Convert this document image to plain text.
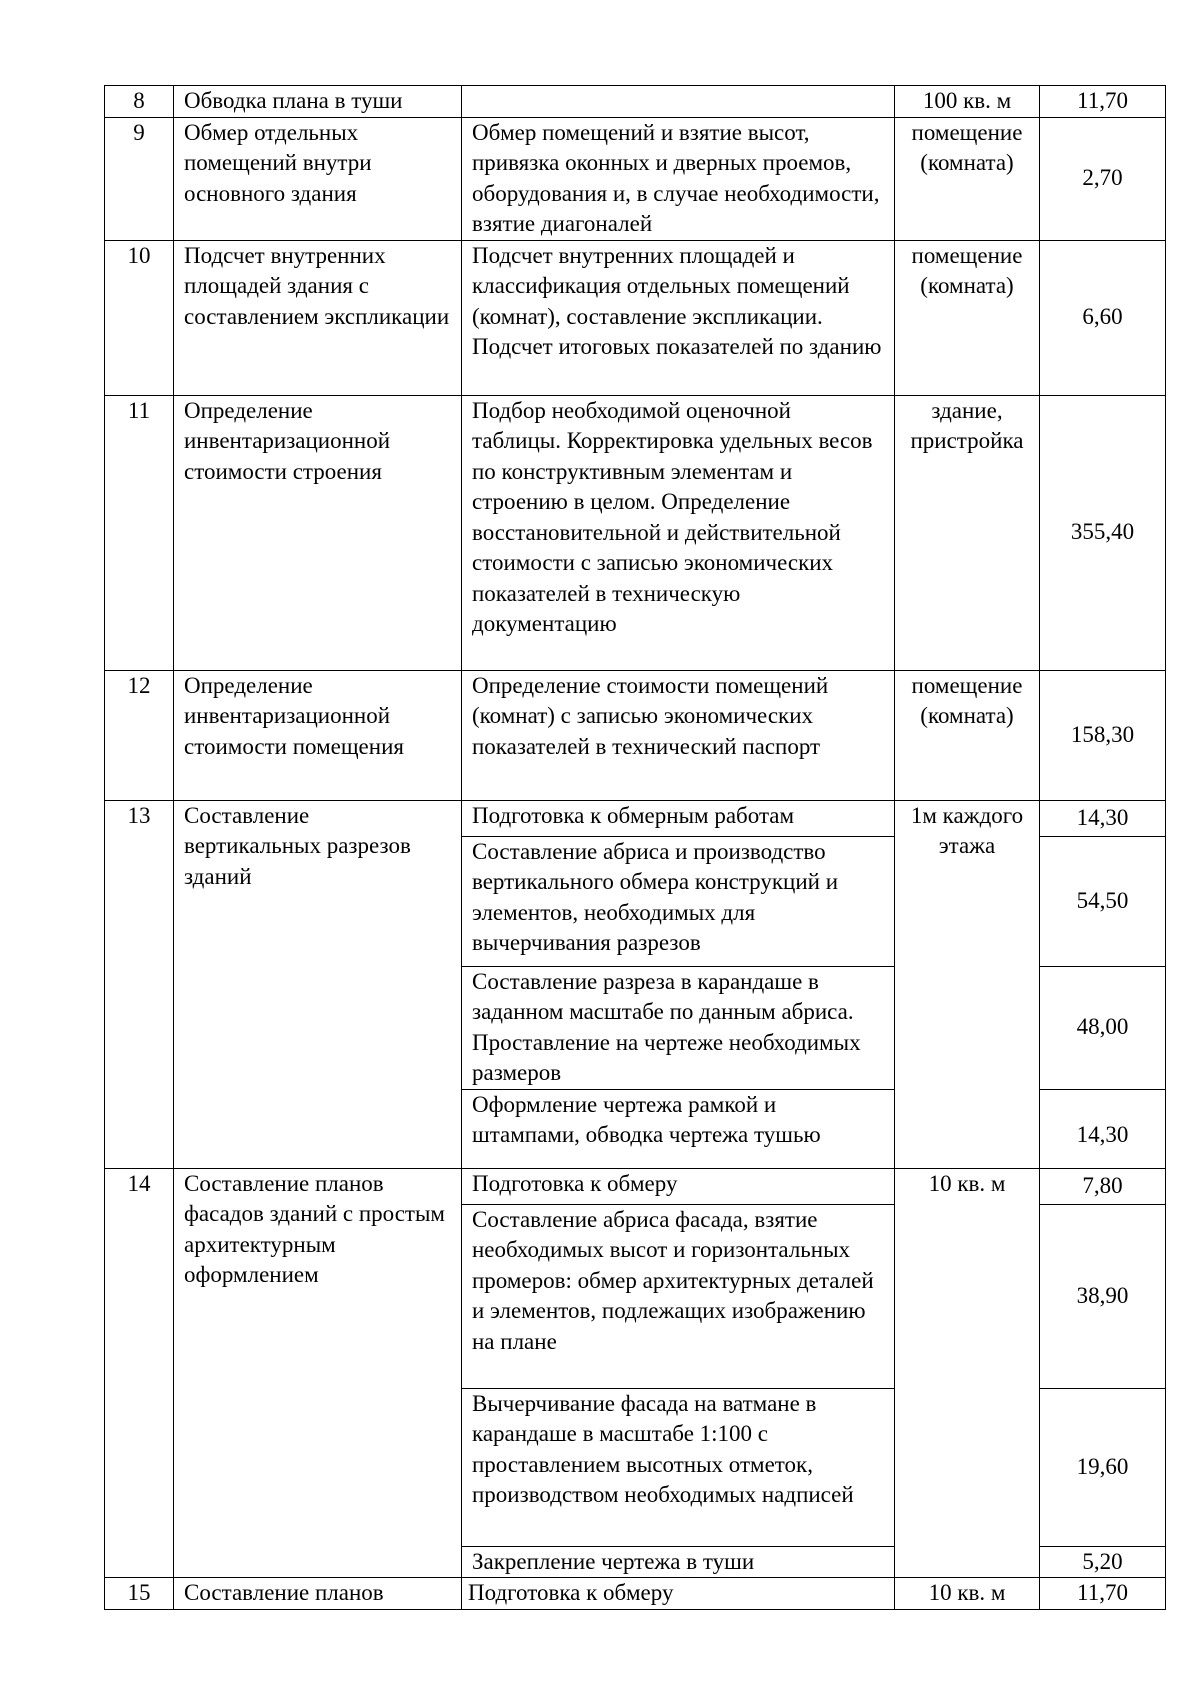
8	Обводка плана в туши		100 кв. м	11,70
9	Обмер отдельных помещений внутри основного здания	Обмер помещений и взятие высот, привязка оконных и дверных проемов, оборудования и, в случае необходимости, взятие диагоналей	помещение (комната)	2,70
10	Подсчет внутренних площадей здания с составлением экспликации	Подсчет внутренних площадей и классификация отдельных помещений (комнат), составление экспликации. Подсчет итоговых показателей по зданию	помещение (комната)	6,60
11	Определение инвентаризационной стоимости строения	Подбор необходимой оценочной таблицы. Корректировка удельных весов по конструктивным элементам и строению в целом. Определение восстановительной и действительной стоимости с записью экономических показателей в техническую документацию	здание, пристройка	355,40
12	Определение инвентаризационной стоимости помещения	Определение стоимости помещений (комнат) с записью экономических показателей в технический паспорт	помещение (комната)	158,30
13	Составление вертикальных разрезов зданий	Подготовка к обмерным работам	1м каждого этажа	14,30
		Составление абриса и производство вертикального обмера конструкций и элементов, необходимых для вычерчивания разрезов		54,50
		Составление разреза в карандаше в заданном масштабе по данным абриса. Проставление на чертеже необходимых размеров		48,00
		Оформление чертежа рамкой и штампами, обводка чертежа тушью		14,30
14	Составление планов фасадов зданий с простым архитектурным оформлением	Подготовка к обмеру	10 кв. м	7,80
		Составление абриса фасада, взятие необходимых высот и горизонтальных промеров: обмер архитектурных деталей и элементов, подлежащих изображению на плане		38,90
		Вычерчивание фасада на ватмане в карандаше в масштабе 1:100 с проставлением высотных отметок, производством необходимых надписей		19,60
		Закрепление чертежа в туши		5,20
15	Составление планов	Подготовка к обмеру	10 кв. м	11,70
